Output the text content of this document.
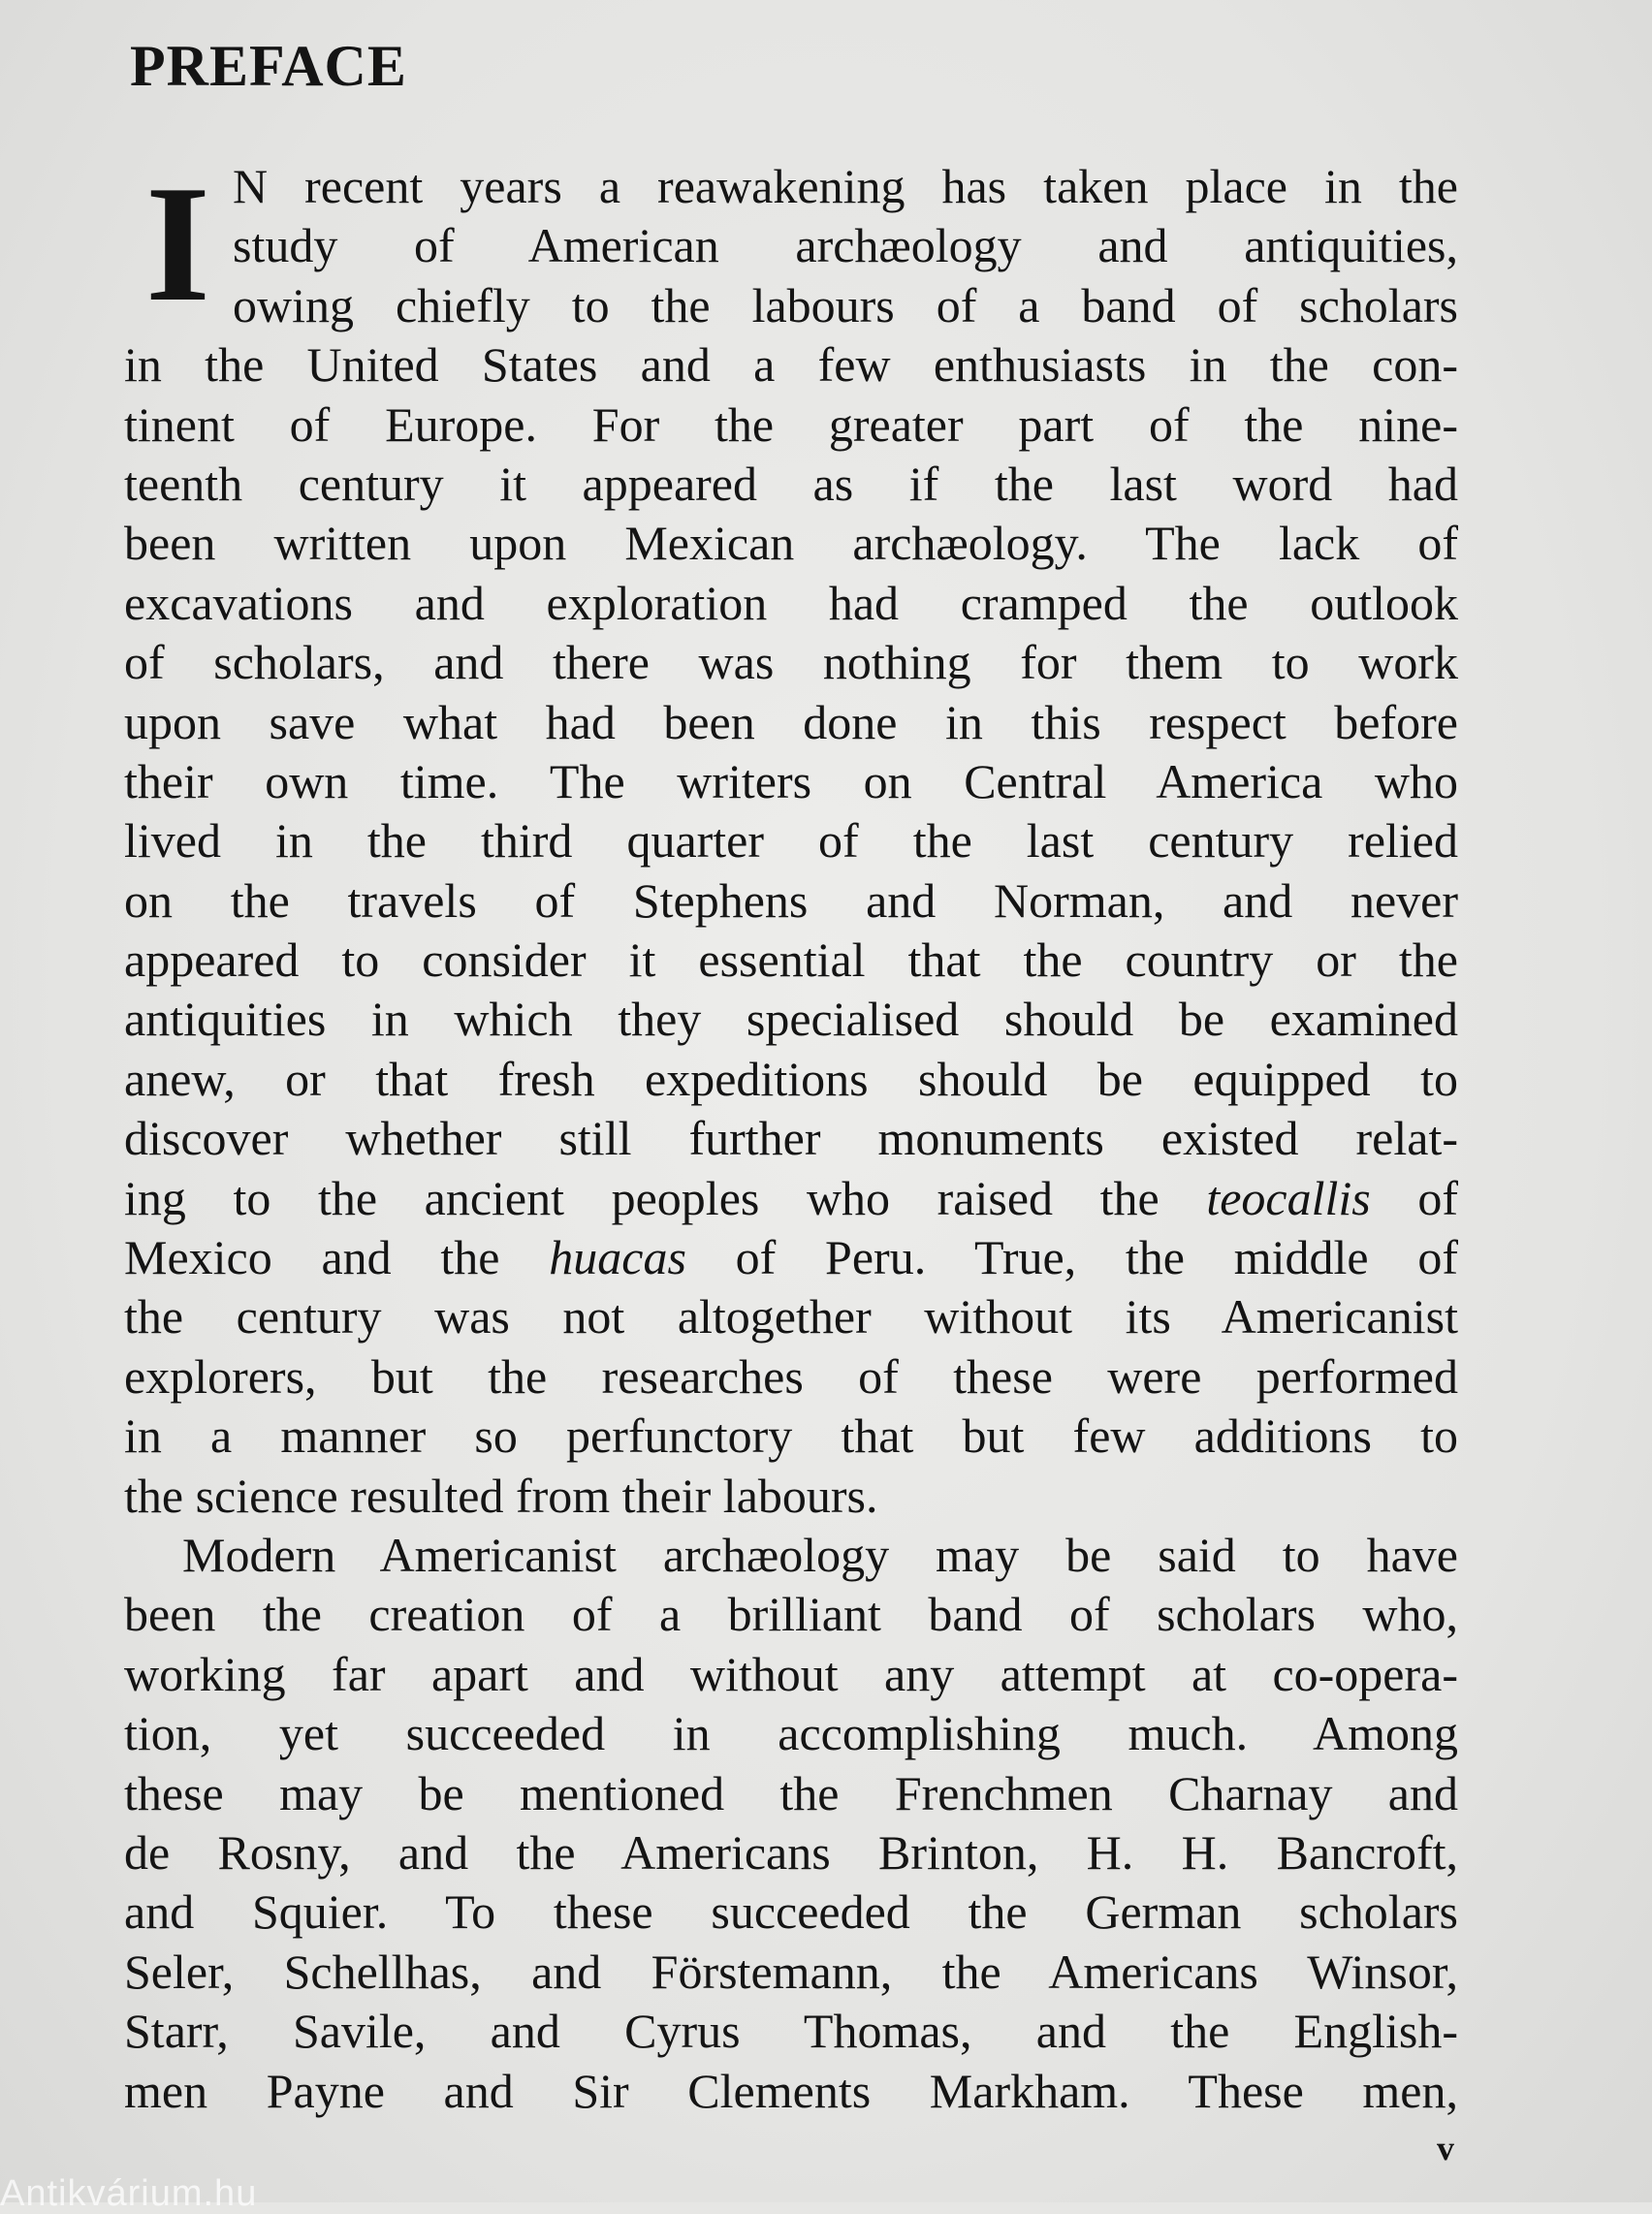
PREFACE
I N recent years a reawakening has taken place in the
study of American archæology and antiquities,
owing chiefly to the labours of a band of scholars
in the United States and a few enthusiasts in the con-
tinent of Europe. For the greater part of the nine-
teenth century it appeared as if the last word had
been written upon Mexican archæology. The lack of
excavations and exploration had cramped the outlook
of scholars, and there was nothing for them to work
upon save what had been done in this respect before
their own time. The writers on Central America who
lived in the third quarter of the last century relied
on the travels of Stephens and Norman, and never
appeared to consider it essential that the country or the
antiquities in which they specialised should be examined
anew, or that fresh expeditions should be equipped to
discover whether still further monuments existed relat-
ing to the ancient peoples who raised the teocallis of
Mexico and the huacas of Peru. True, the middle of
the century was not altogether without its Americanist
explorers, but the researches of these were performed
in a manner so perfunctory that but few additions to
the science resulted from their labours.
Modern Americanist archæology may be said to have
been the creation of a brilliant band of scholars who,
working far apart and without any attempt at co-opera-
tion, yet succeeded in accomplishing much. Among
these may be mentioned the Frenchmen Charnay and
de Rosny, and the Americans Brinton, H. H. Bancroft,
and Squier. To these succeeded the German scholars
Seler, Schellhas, and Förstemann, the Americans Winsor,
Starr, Savile, and Cyrus Thomas, and the English-
men Payne and Sir Clements Markham. These men,
v
Antikvárium.hu
